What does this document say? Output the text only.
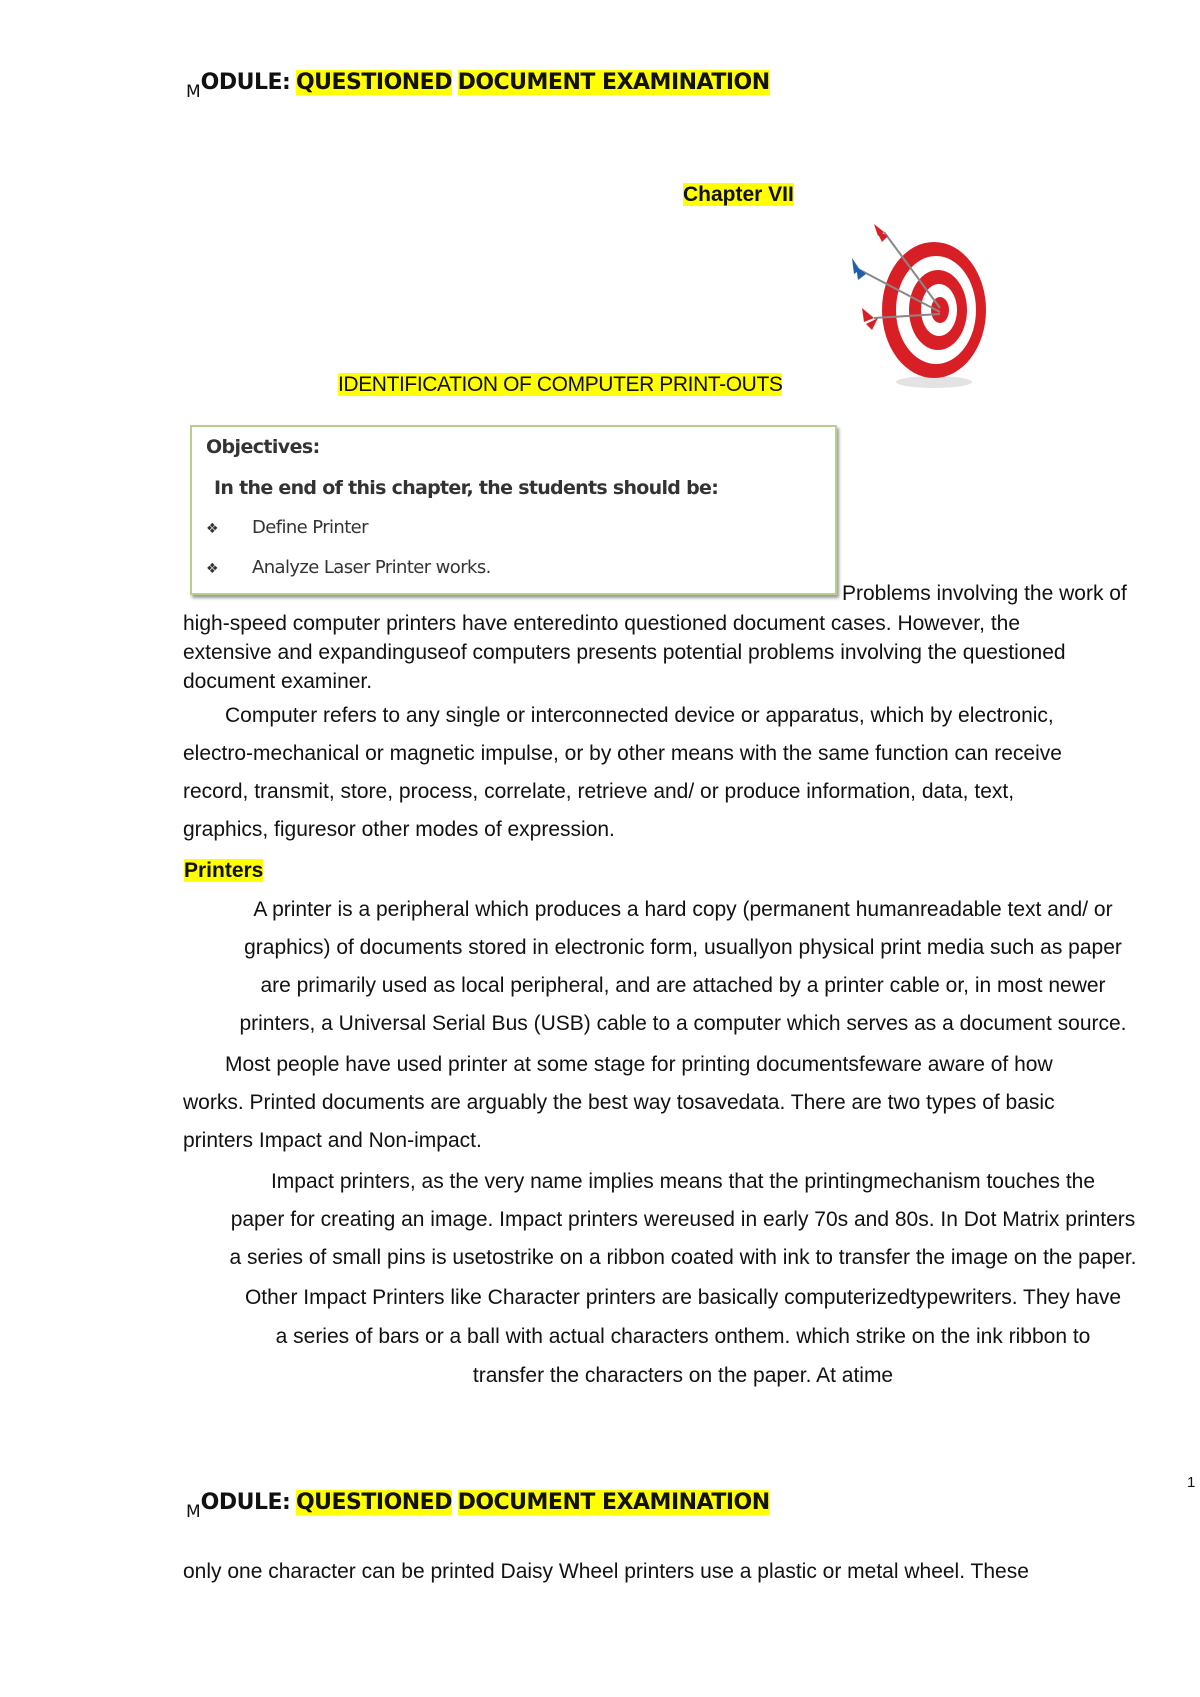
MODULE: QUESTIONED DOCUMENT EXAMINATION
Chapter VII
IDENTIFICATION OF COMPUTER PRINT-OUTS
Objectives:
In the end of this chapter, the students should be:
❖ Define Printer
❖ Analyze Laser Printer works.
Problems involving the work of
high-speed computer printers have enteredinto questioned document cases. However, the
extensive and expandinguseof computers presents potential problems involving the questioned
document examiner.
Computer refers to any single or interconnected device or apparatus, which by electronic,
electro-mechanical or magnetic impulse, or by other means with the same function can receive
record, transmit, store, process, correlate, retrieve and/ or produce information, data, text,
graphics, figuresor other modes of expression.
Printers
A printer is a peripheral which produces a hard copy (permanent humanreadable text and/ or
graphics) of documents stored in electronic form, usuallyon physical print media such as paper
are primarily used as local peripheral, and are attached by a printer cable or, in most newer
printers, a Universal Serial Bus (USB) cable to a computer which serves as a document source.
Most people have used printer at some stage for printing documentsfeware aware of how
works. Printed documents are arguably the best way tosavedata. There are two types of basic
printers Impact and Non-impact.
Impact printers, as the very name implies means that the printingmechanism touches the
paper for creating an image. Impact printers wereused in early 70s and 80s. In Dot Matrix printers
a series of small pins is usetostrike on a ribbon coated with ink to transfer the image on the paper.
Other Impact Printers like Character printers are basically computerizedtypewriters. They have
a series of bars or a ball with actual characters onthem. which strike on the ink ribbon to
transfer the characters on the paper. At atime
1
MODULE: QUESTIONED DOCUMENT EXAMINATION
only one character can be printed Daisy Wheel printers use a plastic or metal wheel. These
